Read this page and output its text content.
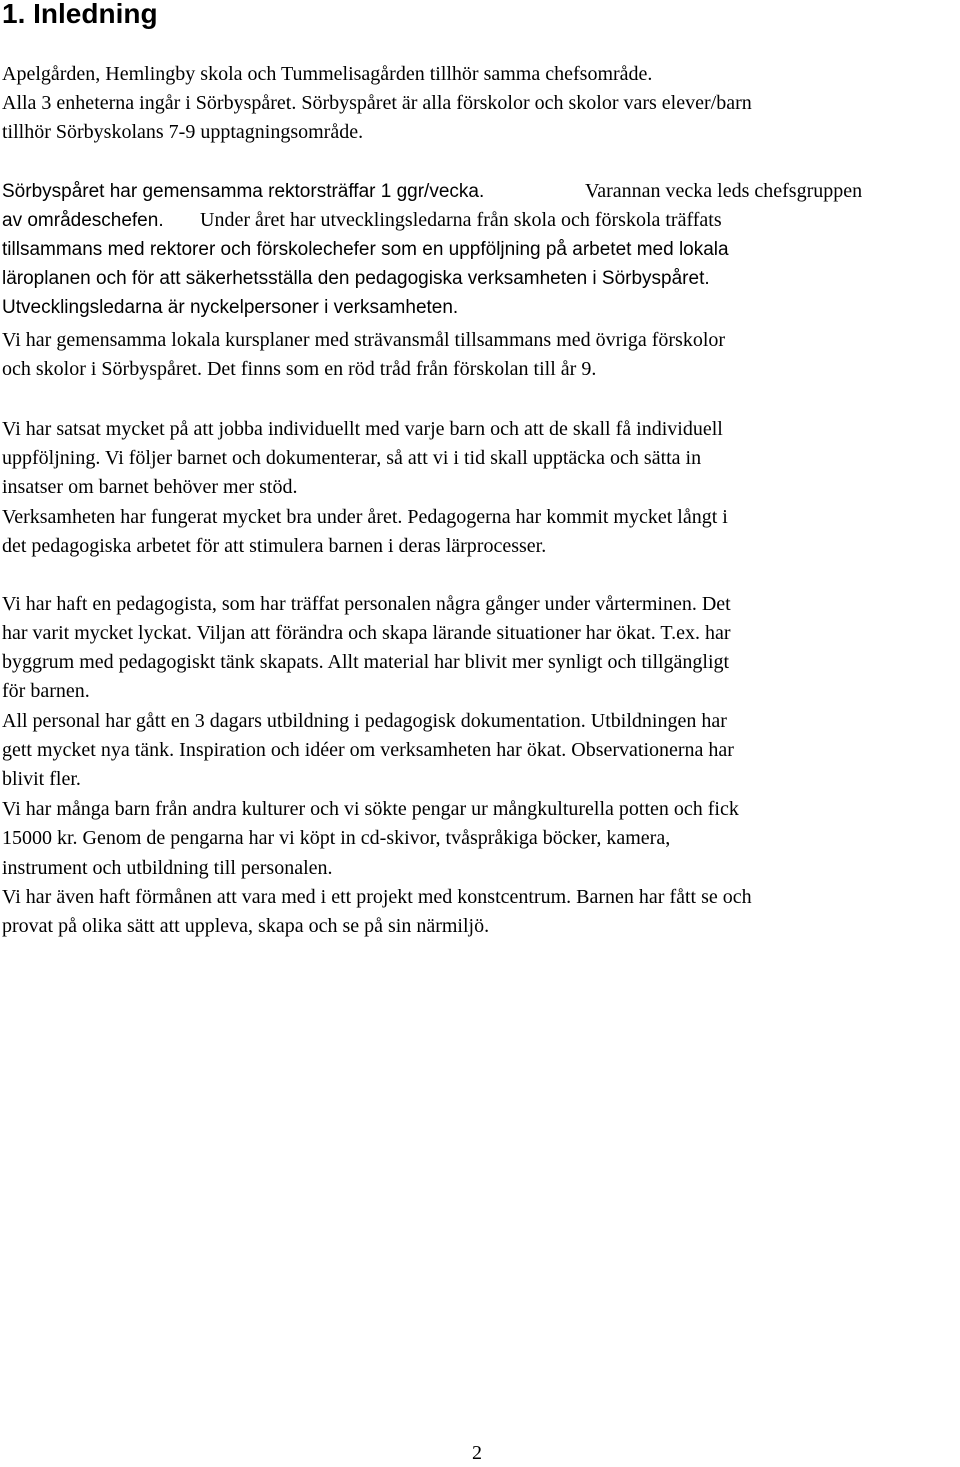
1. Inledning

Apelgården, Hemlingby skola och Tummelisagården tillhör samma chefsområde.

Alla 3 enheterna ingår i Sörbyspåret. Sörbyspåret är alla förskolor och skolor vars elever/barn

tillhör Sörbyskolans 7-9 upptagningsområde.

Sörbyspåret har gemensamma rektorsträffar 1 ggr/vecka.	Varannan vecka leds chefsgruppen

av områdeschefen. Under året har utvecklingsledarna från skola och förskola träffats

tillsammans med rektorer och förskolechefer som en uppföljning på arbetet med lokala

läroplanen och för att säkerhetsställa den pedagogiska verksamheten i Sörbyspåret.

Utvecklingsledarna är nyckelpersoner i verksamheten.

Vi har gemensamma lokala kursplaner med strävansmål tillsammans med övriga förskolor

och skolor i Sörbyspåret. Det finns som en röd tråd från förskolan till år 9.

Vi har satsat mycket på att jobba individuellt med varje barn och att de skall få individuell

uppföljning. Vi följer barnet och dokumenterar, så att vi i tid skall upptäcka och sätta in

insatser om barnet behöver mer stöd.

Verksamheten har fungerat mycket bra under året. Pedagogerna har kommit mycket långt i

det pedagogiska arbetet för att stimulera barnen i deras lärprocesser.

Vi har haft en pedagogista, som har träffat personalen några gånger under vårterminen. Det

har varit mycket lyckat. Viljan att förändra och skapa lärande situationer har ökat. T.ex. har

byggrum med pedagogiskt tänk skapats. Allt material har blivit mer synligt och tillgängligt

för barnen.

All personal har gått en 3 dagars utbildning i pedagogisk dokumentation. Utbildningen har

gett mycket nya tänk. Inspiration och idéer om verksamheten har ökat. Observationerna har

blivit fler.

Vi har många barn från andra kulturer och vi sökte pengar ur mångkulturella potten och fick

15000 kr. Genom de pengarna har vi köpt in cd-skivor, tvåspråkiga böcker, kamera,

instrument och utbildning till personalen.

Vi har även haft förmånen att vara med i ett projekt med konstcentrum. Barnen har fått se och

provat på olika sätt att uppleva, skapa och se på sin närmiljö.

2
